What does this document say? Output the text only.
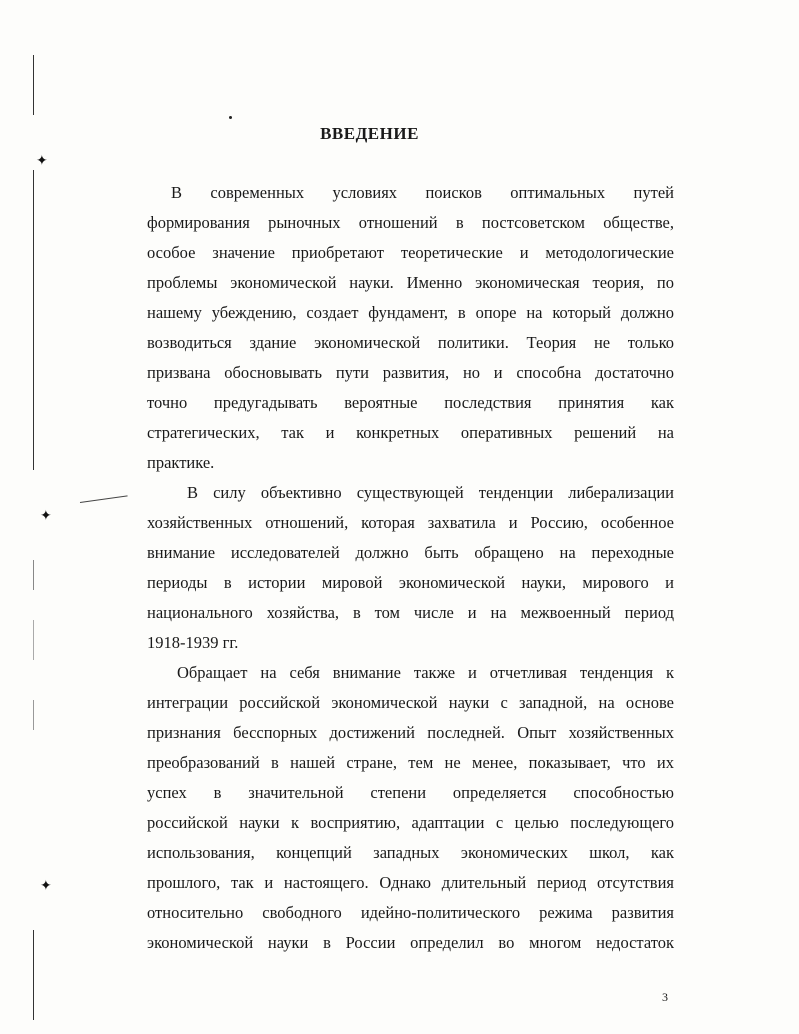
✦
✦
✦
ВВЕДЕНИЕ
В современных условиях поисков оптимальных путей
формирования рыночных отношений в постсоветском обществе,
особое значение приобретают теоретические и методологические
проблемы экономической науки. Именно экономическая теория, по
нашему убеждению, создает фундамент, в опоре на который должно
возводиться здание экономической политики. Теория не только
призвана обосновывать пути развития, но и способна достаточно
точно предугадывать вероятные последствия принятия как
стратегических, так и конкретных оперативных решений на
практике.
В силу объективно существующей тенденции либерализации
хозяйственных отношений, которая захватила и Россию, особенное
внимание исследователей должно быть обращено на переходные
периоды в истории мировой экономической науки, мирового и
национального хозяйства, в том числе и на межвоенный период
1918-1939 гг.
Обращает на себя внимание также и отчетливая тенденция к
интеграции российской экономической науки с западной, на основе
признания бесспорных достижений последней. Опыт хозяйственных
преобразований в нашей стране, тем не менее, показывает, что их
успех в значительной степени определяется способностью
российской науки к восприятию, адаптации с целью последующего
использования, концепций западных экономических школ, как
прошлого, так и настоящего. Однако длительный период отсутствия
относительно свободного идейно-политического режима развития
экономической науки в России определил во многом недостаток
3
